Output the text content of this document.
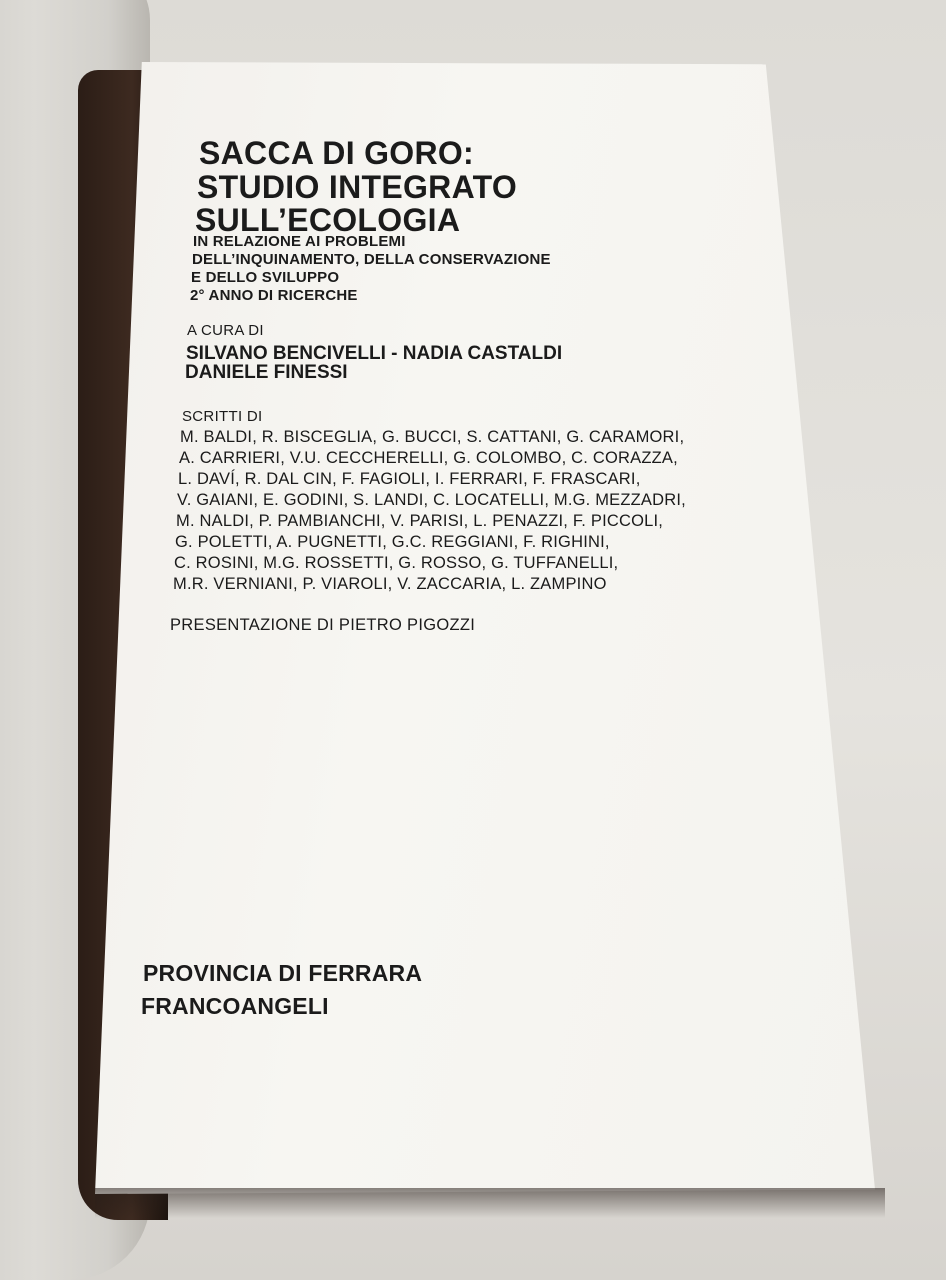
SACCA DI GORO:

STUDIO INTEGRATO

SULL’ECOLOGIA

IN RELAZIONE AI PROBLEMI

DELL’INQUINAMENTO, DELLA CONSERVAZIONE

E DELLO SVILUPPO

2° ANNO DI RICERCHE

A CURA DI

SILVANO BENCIVELLI - NADIA CASTALDI

DANIELE FINESSI

SCRITTI DI

M. BALDI, R. BISCEGLIA, G. BUCCI, S. CATTANI, G. CARAMORI,

A. CARRIERI, V.U. CECCHERELLI, G. COLOMBO, C. CORAZZA,

L. DAVÍ, R. DAL CIN, F. FAGIOLI, I. FERRARI, F. FRASCARI,

V. GAIANI, E. GODINI, S. LANDI, C. LOCATELLI, M.G. MEZZADRI,

M. NALDI, P. PAMBIANCHI, V. PARISI, L. PENAZZI, F. PICCOLI,

G. POLETTI, A. PUGNETTI, G.C. REGGIANI, F. RIGHINI,

C. ROSINI, M.G. ROSSETTI, G. ROSSO, G. TUFFANELLI,

M.R. VERNIANI, P. VIAROLI, V. ZACCARIA, L. ZAMPINO

PRESENTAZIONE DI PIETRO PIGOZZI

PROVINCIA DI FERRARA

FRANCOANGELI
